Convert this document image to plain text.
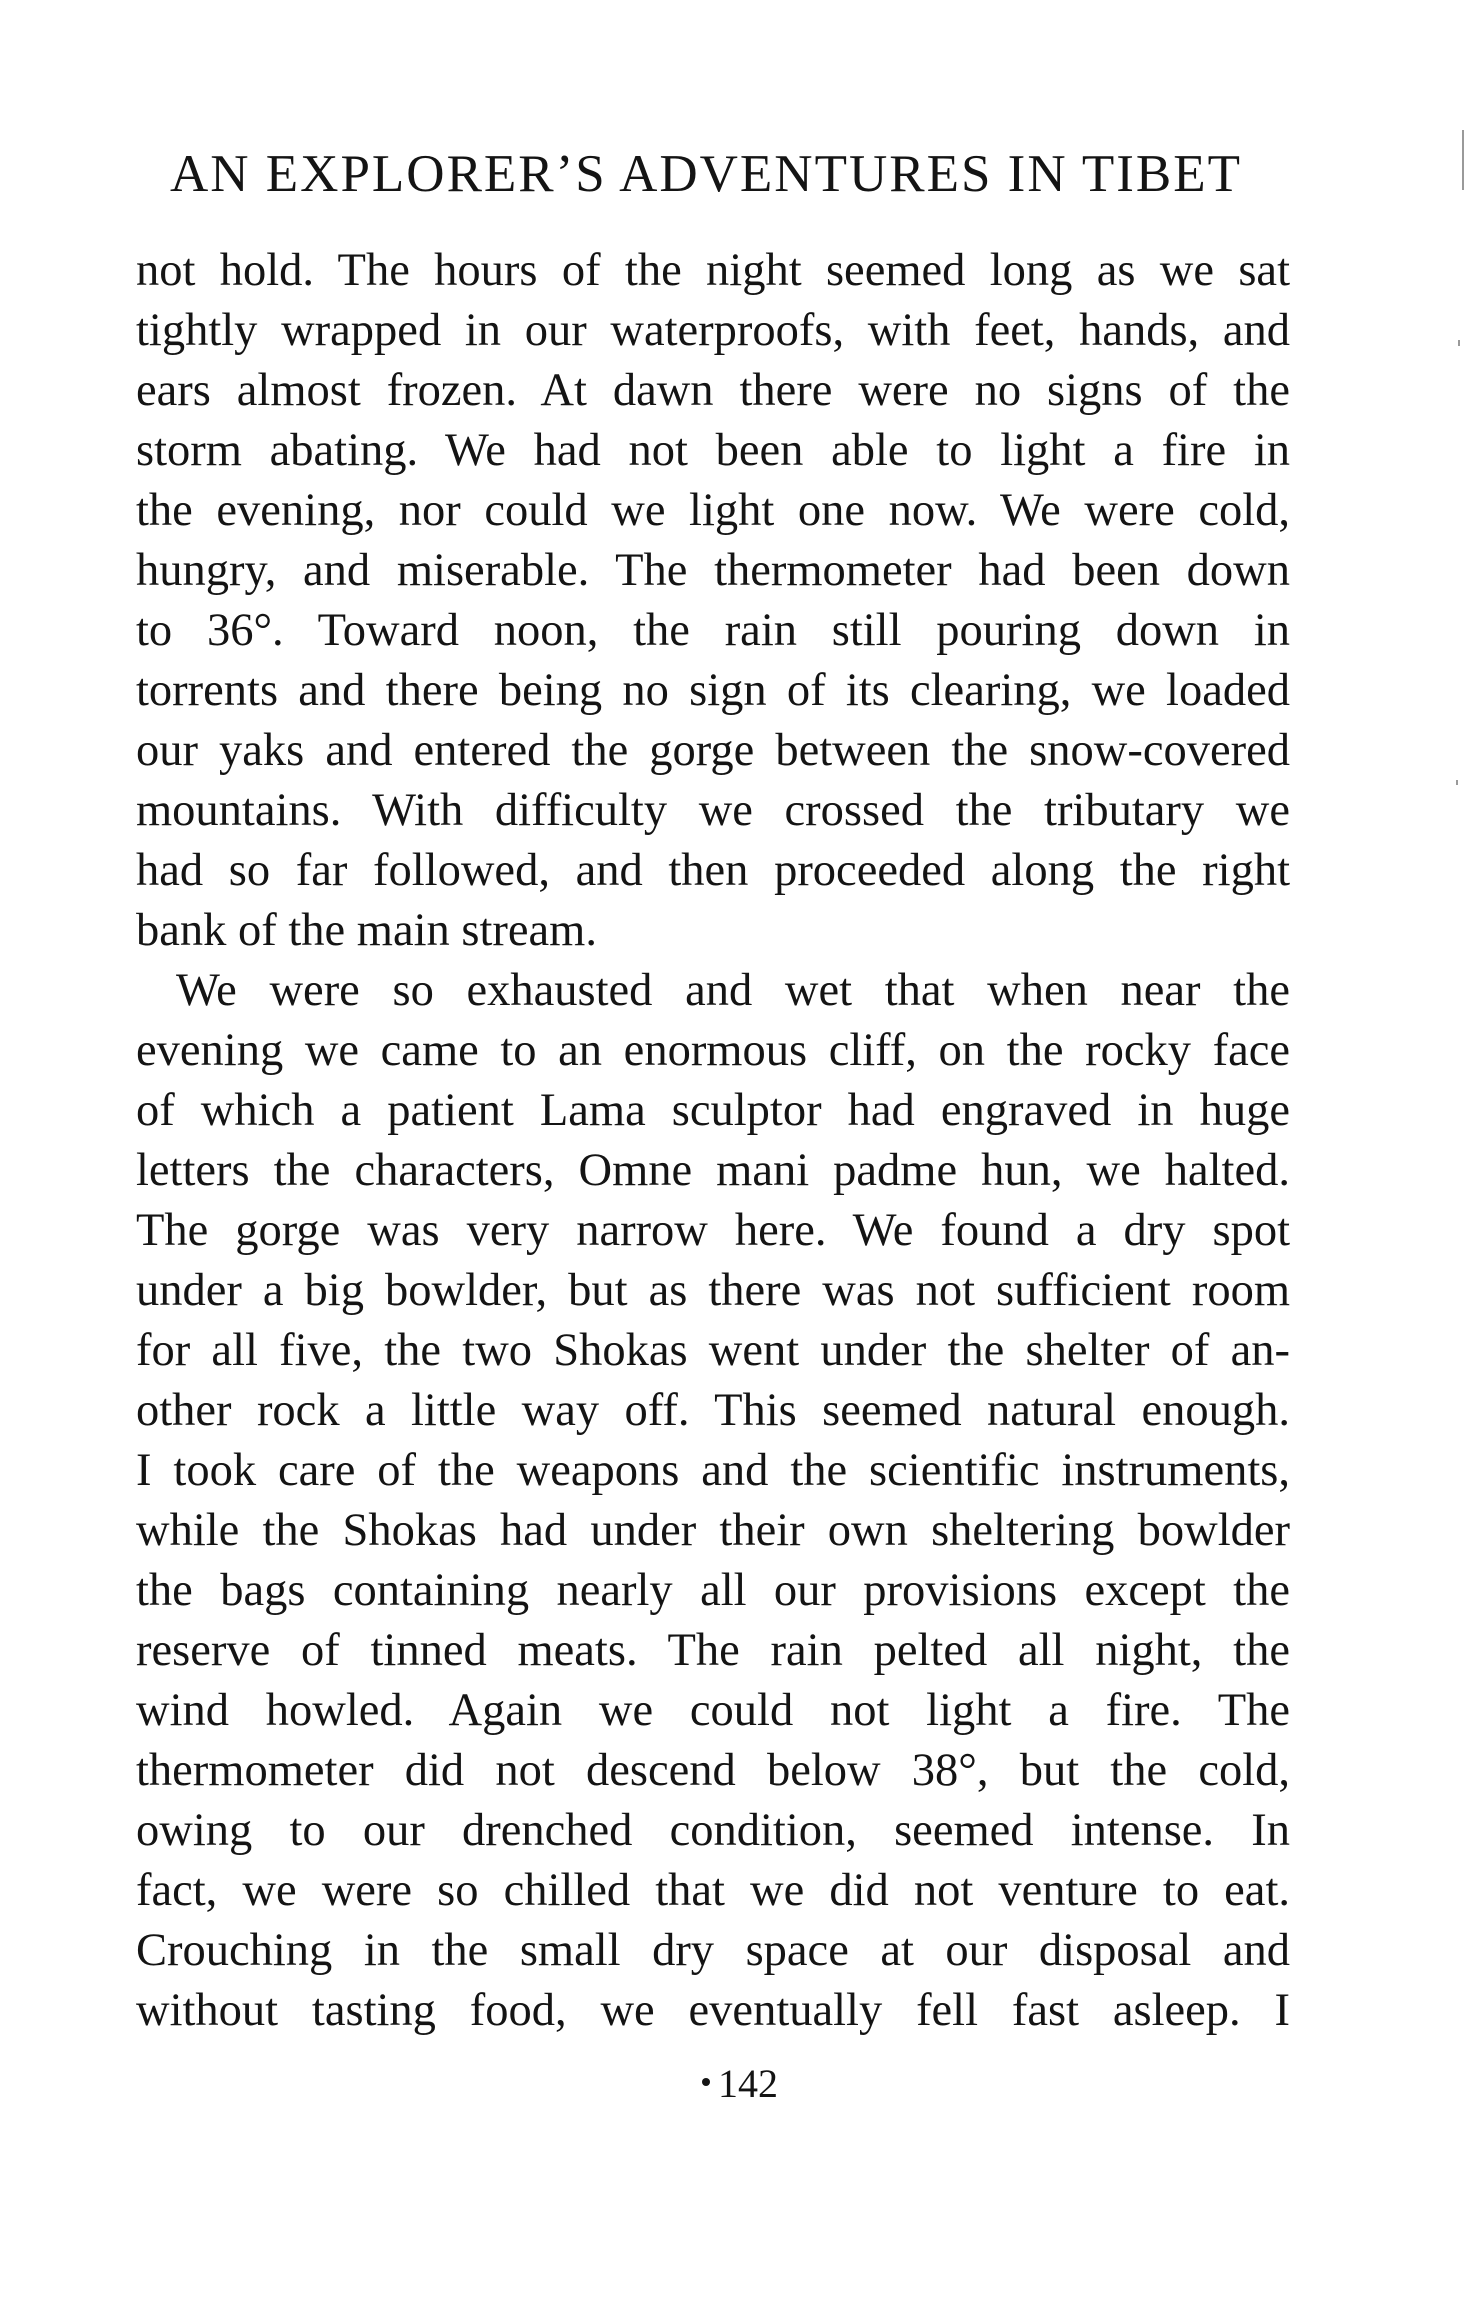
AN EXPLORER’S ADVENTURES IN TIBET
not hold. The hours of the night seemed long as we sat
tightly wrapped in our waterproofs, with feet, hands, and
ears almost frozen. At dawn there were no signs of the
storm abating. We had not been able to light a fire in
the evening, nor could we light one now. We were cold,
hungry, and miserable. The thermometer had been down
to 36°. Toward noon, the rain still pouring down in
torrents and there being no sign of its clearing, we loaded
our yaks and entered the gorge between the snow-covered
mountains. With difficulty we crossed the tributary we
had so far followed, and then proceeded along the right
bank of the main stream.
We were so exhausted and wet that when near the
evening we came to an enormous cliff, on the rocky face
of which a patient Lama sculptor had engraved in huge
letters the characters, Omne mani padme hun, we halted.
The gorge was very narrow here. We found a dry spot
under a big bowlder, but as there was not sufficient room
for all five, the two Shokas went under the shelter of an-
other rock a little way off. This seemed natural enough.
I took care of the weapons and the scientific instruments,
while the Shokas had under their own sheltering bowlder
the bags containing nearly all our provisions except the
reserve of tinned meats. The rain pelted all night, the
wind howled. Again we could not light a fire. The
thermometer did not descend below 38°, but the cold,
owing to our drenched condition, seemed intense. In
fact, we were so chilled that we did not venture to eat.
Crouching in the small dry space at our disposal and
without tasting food, we eventually fell fast asleep. I
142
